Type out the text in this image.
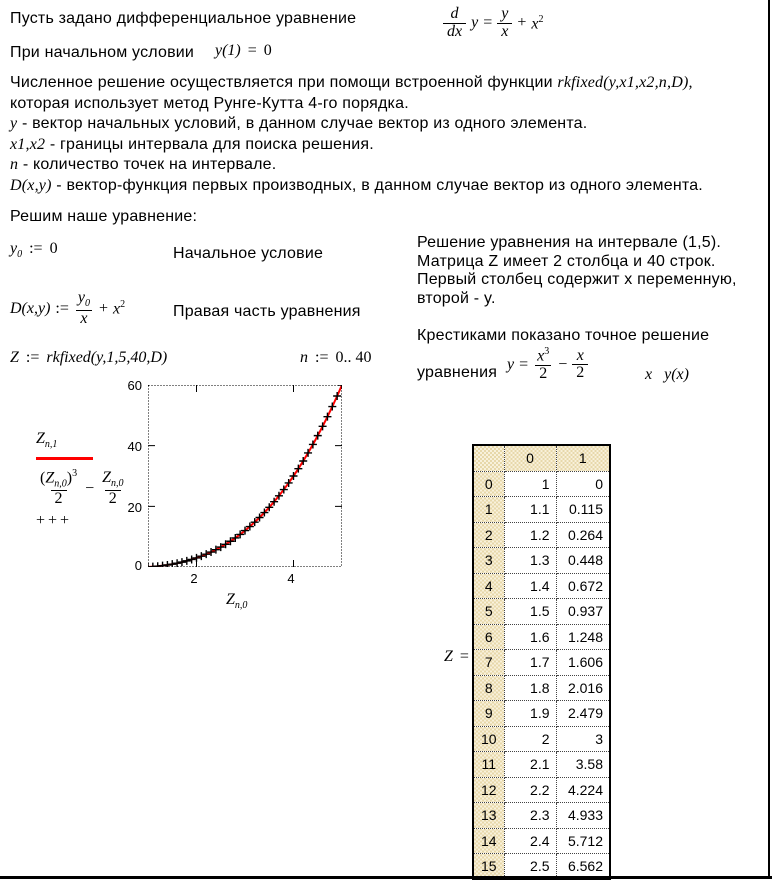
Пусть задано дифференциальное уравнение	$\frac{d}{dx}$ $y = \frac{y}{x} + x^2$
При начальном условии y(1) = 0
Численное решение осуществляется при помощи встроенной функции rkfixed(y,x1,x2,n,D),
которая использует метод Рунге-Кутта 4-го порядка.
y - вектор начальных условий, в данном случае вектор из одного элемента.
x1,x2 - границы интервала для поиска решения.
n - количество точек на интервале.
D(x,y) - вектор-функция первых производных, в данном случае вектор из одного элемента.
Решим наше уравнение:
$y_0$ := 0	Начальное условие
D(x,y) := $\frac{y_0}{x} + x^2$	Правая часть уравнения
Z := rkfixed(y,1,5,40,D)	n := 0.. 40
Решение уравнения на интервале (1,5).
Матрица Z имеет 2 столбца и 40 строк.
Первый столбец содержит x переменную,
второй - y.
Крестиками показано точное решение
уравнения $y = \frac{x^3}{2} - \frac{x}{2}$	x   y(x)
$Z_{n,1}$
$\frac{(Z_{n,0})^3}{2} - \frac{Z_{n,0}}{2}$
+++
60
40
20
0
2	4
$Z_{n,0}$
Z =
	0	1
0	1	0
1	1.1	0.115
2	1.2	0.264
3	1.3	0.448
4	1.4	0.672
5	1.5	0.937
6	1.6	1.248
7	1.7	1.606
8	1.8	2.016
9	1.9	2.479
10	2	3
11	2.1	3.58
12	2.2	4.224
13	2.3	4.933
14	2.4	5.712
15	2.5	6.562
